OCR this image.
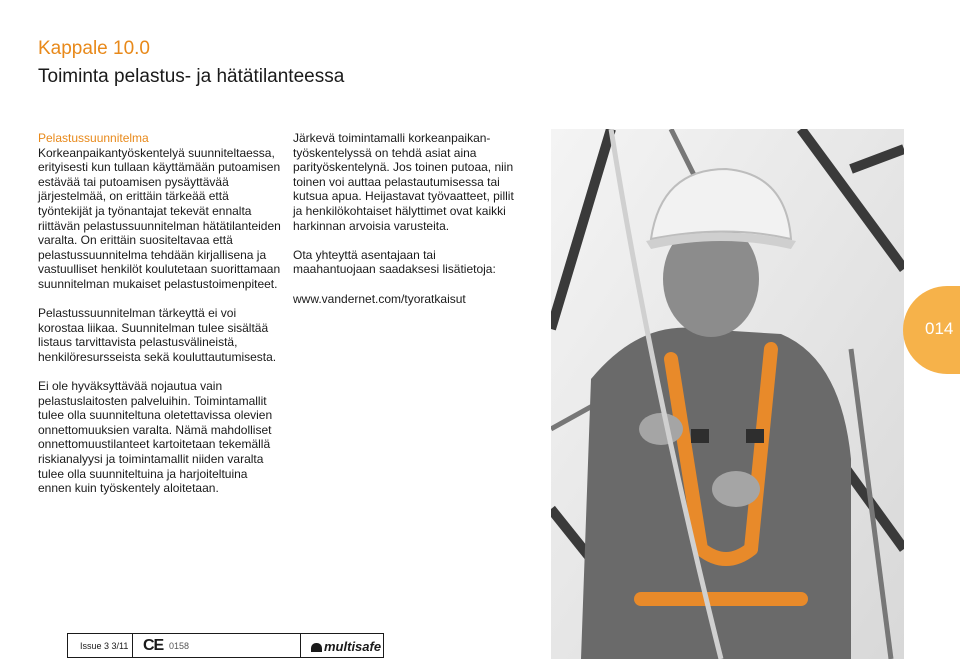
Kappale 10.0
Toiminta pelastus- ja hätätilanteessa

Pelastussuunnitelma

Korkeanpaikantyöskentelyä suunniteltaessa, erityisesti kun tullaan käyttämään putoamisen estävää tai putoamisen pysäyttävää järjestelmää, on erittäin tärkeää että työntekijät ja työnantajat tekevät ennalta riittävän pelastussuunnitelman hätätilanteiden varalta. On erittäin suositeltavaa että pelastussuunnitelma tehdään kirjallisena ja vastuulliset henkilöt koulutetaan suorittamaan suunnitelman mukaiset pelastustoimenpiteet.

Pelastussuunnitelman tärkeyttä ei voi korostaa liikaa. Suunnitelman tulee sisältää listaus tarvittavista pelastusvälineistä, henkilöresursseista sekä kouluttautumisesta.

Ei ole hyväksyttävää nojautua vain pelastuslaitosten palveluihin. Toimintamallit tulee olla suunniteltuna oletettavissa olevien onnettomuuksien varalta. Nämä mahdolliset onnettomuustilanteet kartoitetaan tekemällä riskianalyysi ja toimintamallit niiden varalta tulee olla suunniteltuina ja harjoiteltuina ennen kuin työskentely aloitetaan.

Järkevä toimintamalli korkeanpaikan-työskentelyssä on tehdä asiat aina parityöskentelynä. Jos toinen putoaa, niin toinen voi auttaa pelastautumisessa tai kutsua apua. Heijastavat työvaatteet, pillit ja henkilökohtaiset hälyttimet ovat kaikki harkinnan arvoisia varusteita.

Ota yhteyttä asentajaan tai maahantuojaan saadaksesi lisätietoja:

www.vandernet.com/tyoratkaisut

014
Issue 3 3/11 CE 0158	multisafe
